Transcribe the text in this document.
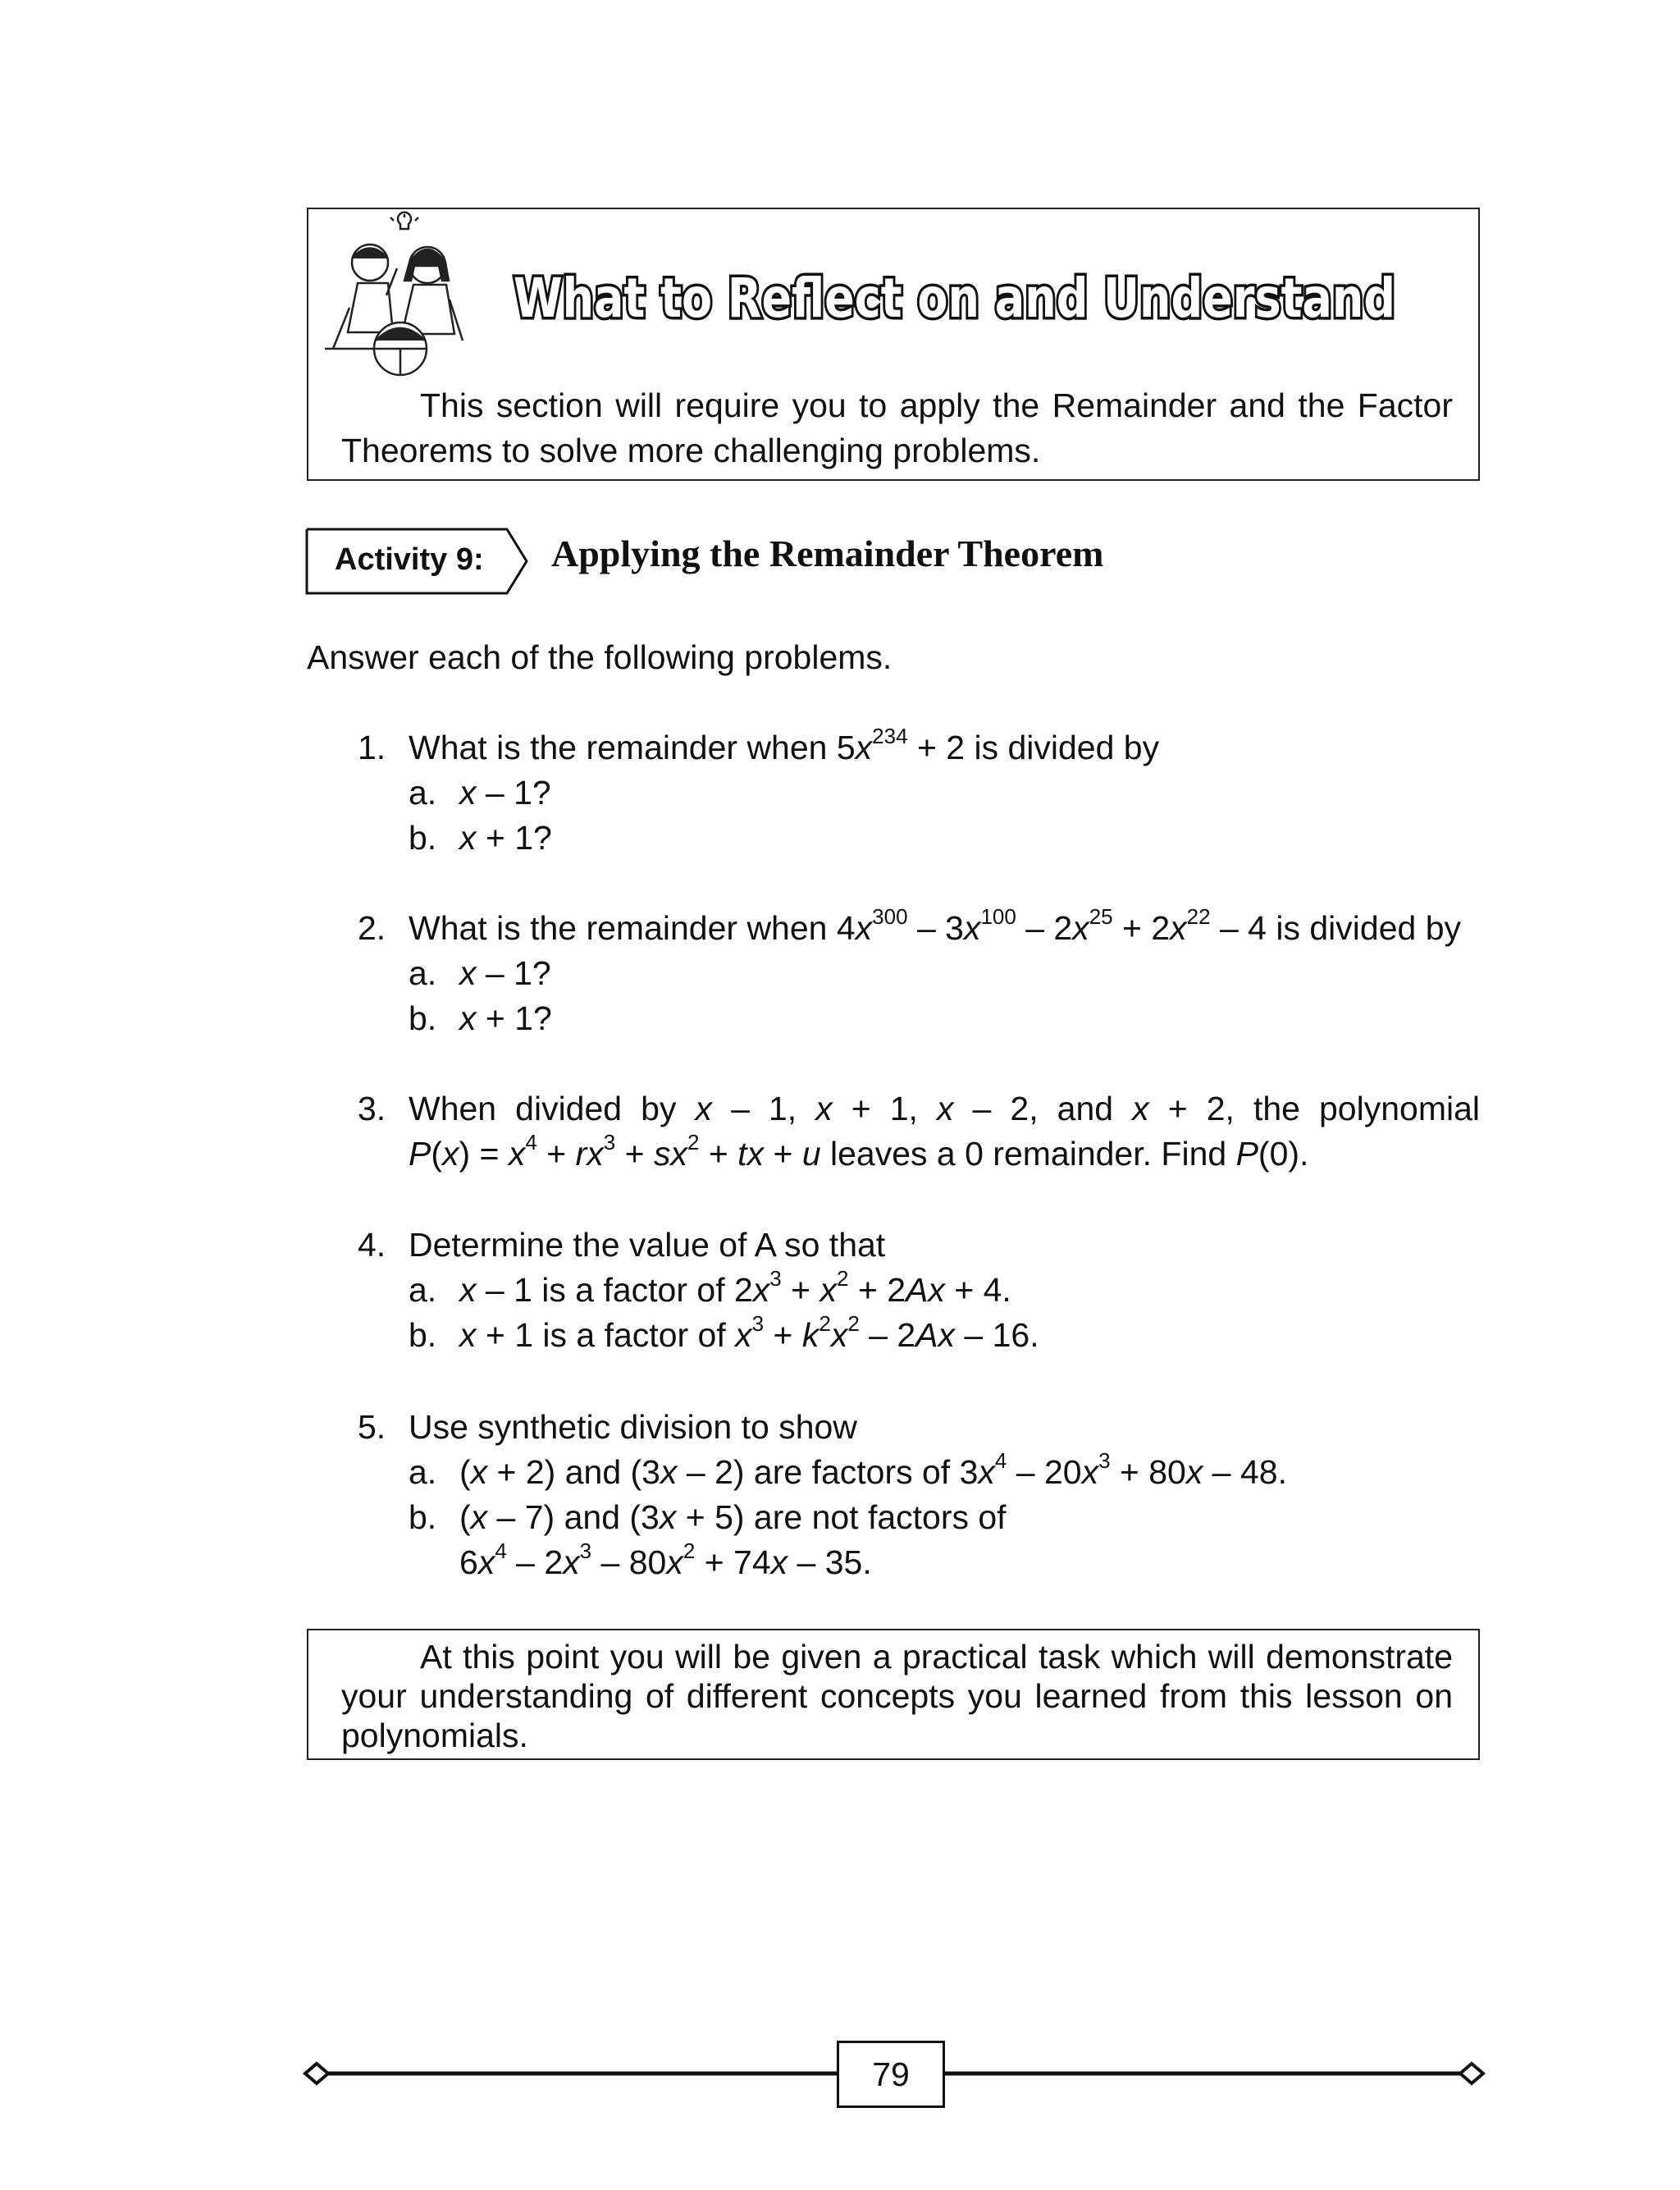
What to Reflect on and Understand
This section will require you to apply the Remainder and the Factor Theorems to solve more challenging problems.
Activity 9: Applying the Remainder Theorem
Answer each of the following problems.
1. What is the remainder when $5x^{234} + 2$ is divided by
a. x – 1?
b. x + 1?
2. What is the remainder when $4x^{300} - 3x^{100} - 2x^{25} + 2x^{22} - 4$ is divided by
a. x – 1?
b. x + 1?
3. When divided by x – 1, x + 1, x – 2, and x + 2, the polynomial
$P(x) = x^4 + rx^3 + sx^2$ + tx + u leaves a 0 remainder. Find P(0).
4. Determine the value of A so that
a. x – 1 is a factor of $2x^3 + x^2 + 2Ax + 4$.
b. x + 1 is a factor of $x^3 + k^2x^2 - 2Ax - 16$.
5. Use synthetic division to show
a. (x + 2) and (3x – 2) are factors of $3x^4 - 20x^3 + 80x - 48$.
b. (x – 7) and (3x + 5) are not factors of
$6x^4 - 2x^3 - 80x^2 + 74x - 35$.
At this point you will be given a practical task which will demonstrate your understanding of different concepts you learned from this lesson on polynomials.
79
